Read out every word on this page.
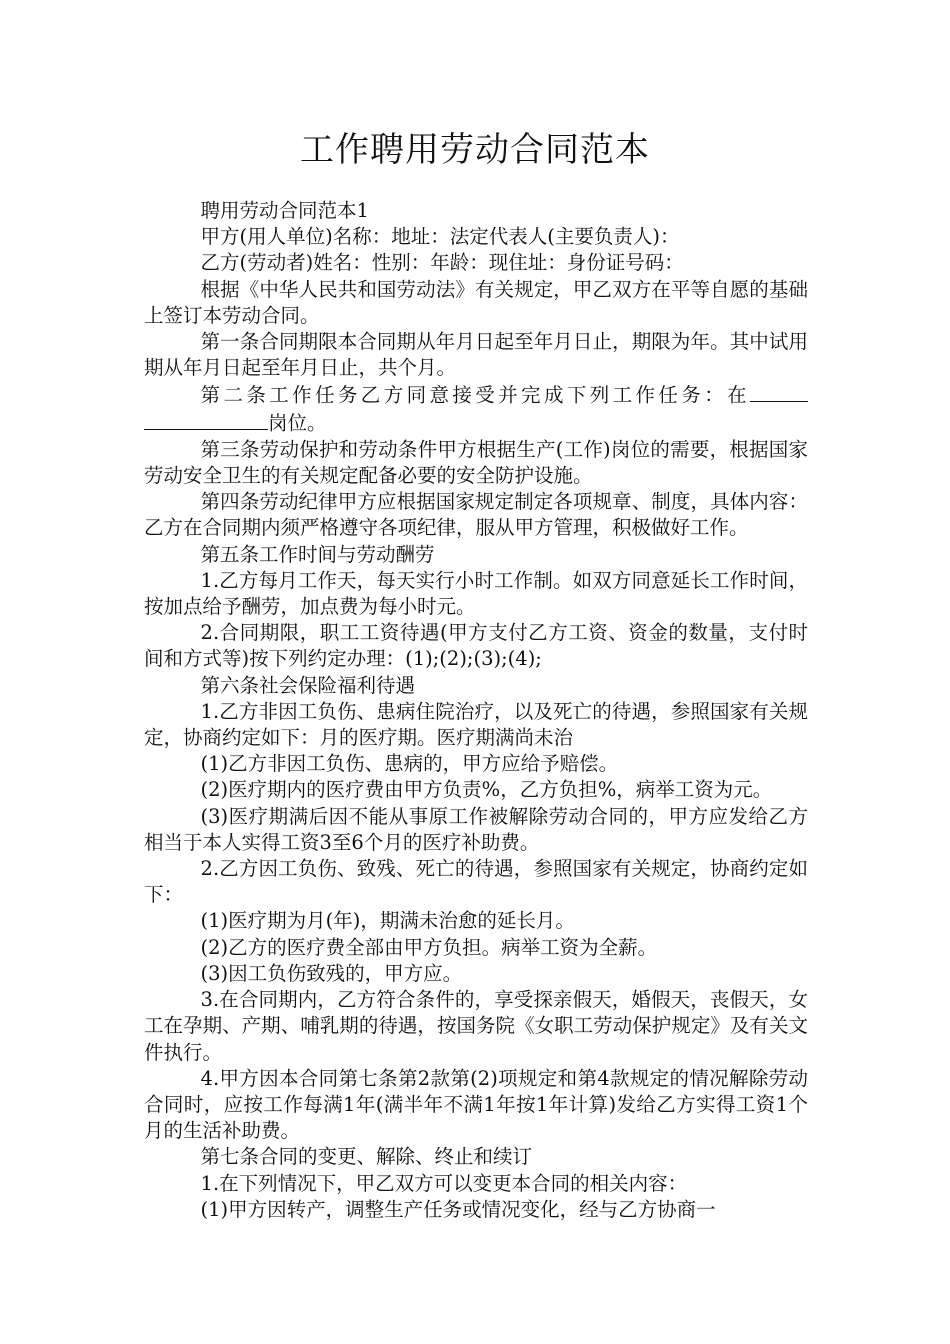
工作聘用劳动合同范本

聘用劳动合同范本1

甲方(用人单位)名称：地址：法定代表人(主要负责人)：

乙方(劳动者)姓名：性别：年龄：现住址：身份证号码：

根据《中华人民共和国劳动法》有关规定，甲乙双方在平等自愿的基础上签订本劳动合同。

第一条合同期限本合同期从年月日起至年月日止，期限为年。其中试用期从年月日起至年月日止，共个月。

第二条工作任务乙方同意接受并完成下列工作任务：在岗位。

第三条劳动保护和劳动条件甲方根据生产(工作)岗位的需要，根据国家劳动安全卫生的有关规定配备必要的安全防护设施。

第四条劳动纪律甲方应根据国家规定制定各项规章、制度，具体内容：乙方在合同期内须严格遵守各项纪律，服从甲方管理，积极做好工作。

第五条工作时间与劳动酬劳

1.乙方每月工作天，每天实行小时工作制。如双方同意延长工作时间，按加点给予酬劳，加点费为每小时元。

2.合同期限，职工工资待遇(甲方支付乙方工资、资金的数量，支付时间和方式等)按下列约定办理：(1);(2);(3);(4);

第六条社会保险福利待遇

1.乙方非因工负伤、患病住院治疗，以及死亡的待遇，参照国家有关规定，协商约定如下：月的医疗期。医疗期满尚未治

(1)乙方非因工负伤、患病的，甲方应给予赔偿。

(2)医疗期内的医疗费由甲方负责%，乙方负担%，病举工资为元。

(3)医疗期满后因不能从事原工作被解除劳动合同的，甲方应发给乙方相当于本人实得工资3至6个月的医疗补助费。

2.乙方因工负伤、致残、死亡的待遇，参照国家有关规定，协商约定如下：

(1)医疗期为月(年)，期满未治愈的延长月。

(2)乙方的医疗费全部由甲方负担。病举工资为全薪。

(3)因工负伤致残的，甲方应。

3.在合同期内，乙方符合条件的，享受探亲假天，婚假天，丧假天，女工在孕期、产期、哺乳期的待遇，按国务院《女职工劳动保护规定》及有关文件执行。

4.甲方因本合同第七条第2款第(2)项规定和第4款规定的情况解除劳动合同时，应按工作每满1年(满半年不满1年按1年计算)发给乙方实得工资1个月的生活补助费。

第七条合同的变更、解除、终止和续订

1.在下列情况下，甲乙双方可以变更本合同的相关内容：

(1)甲方因转产，调整生产任务或情况变化，经与乙方协商一
